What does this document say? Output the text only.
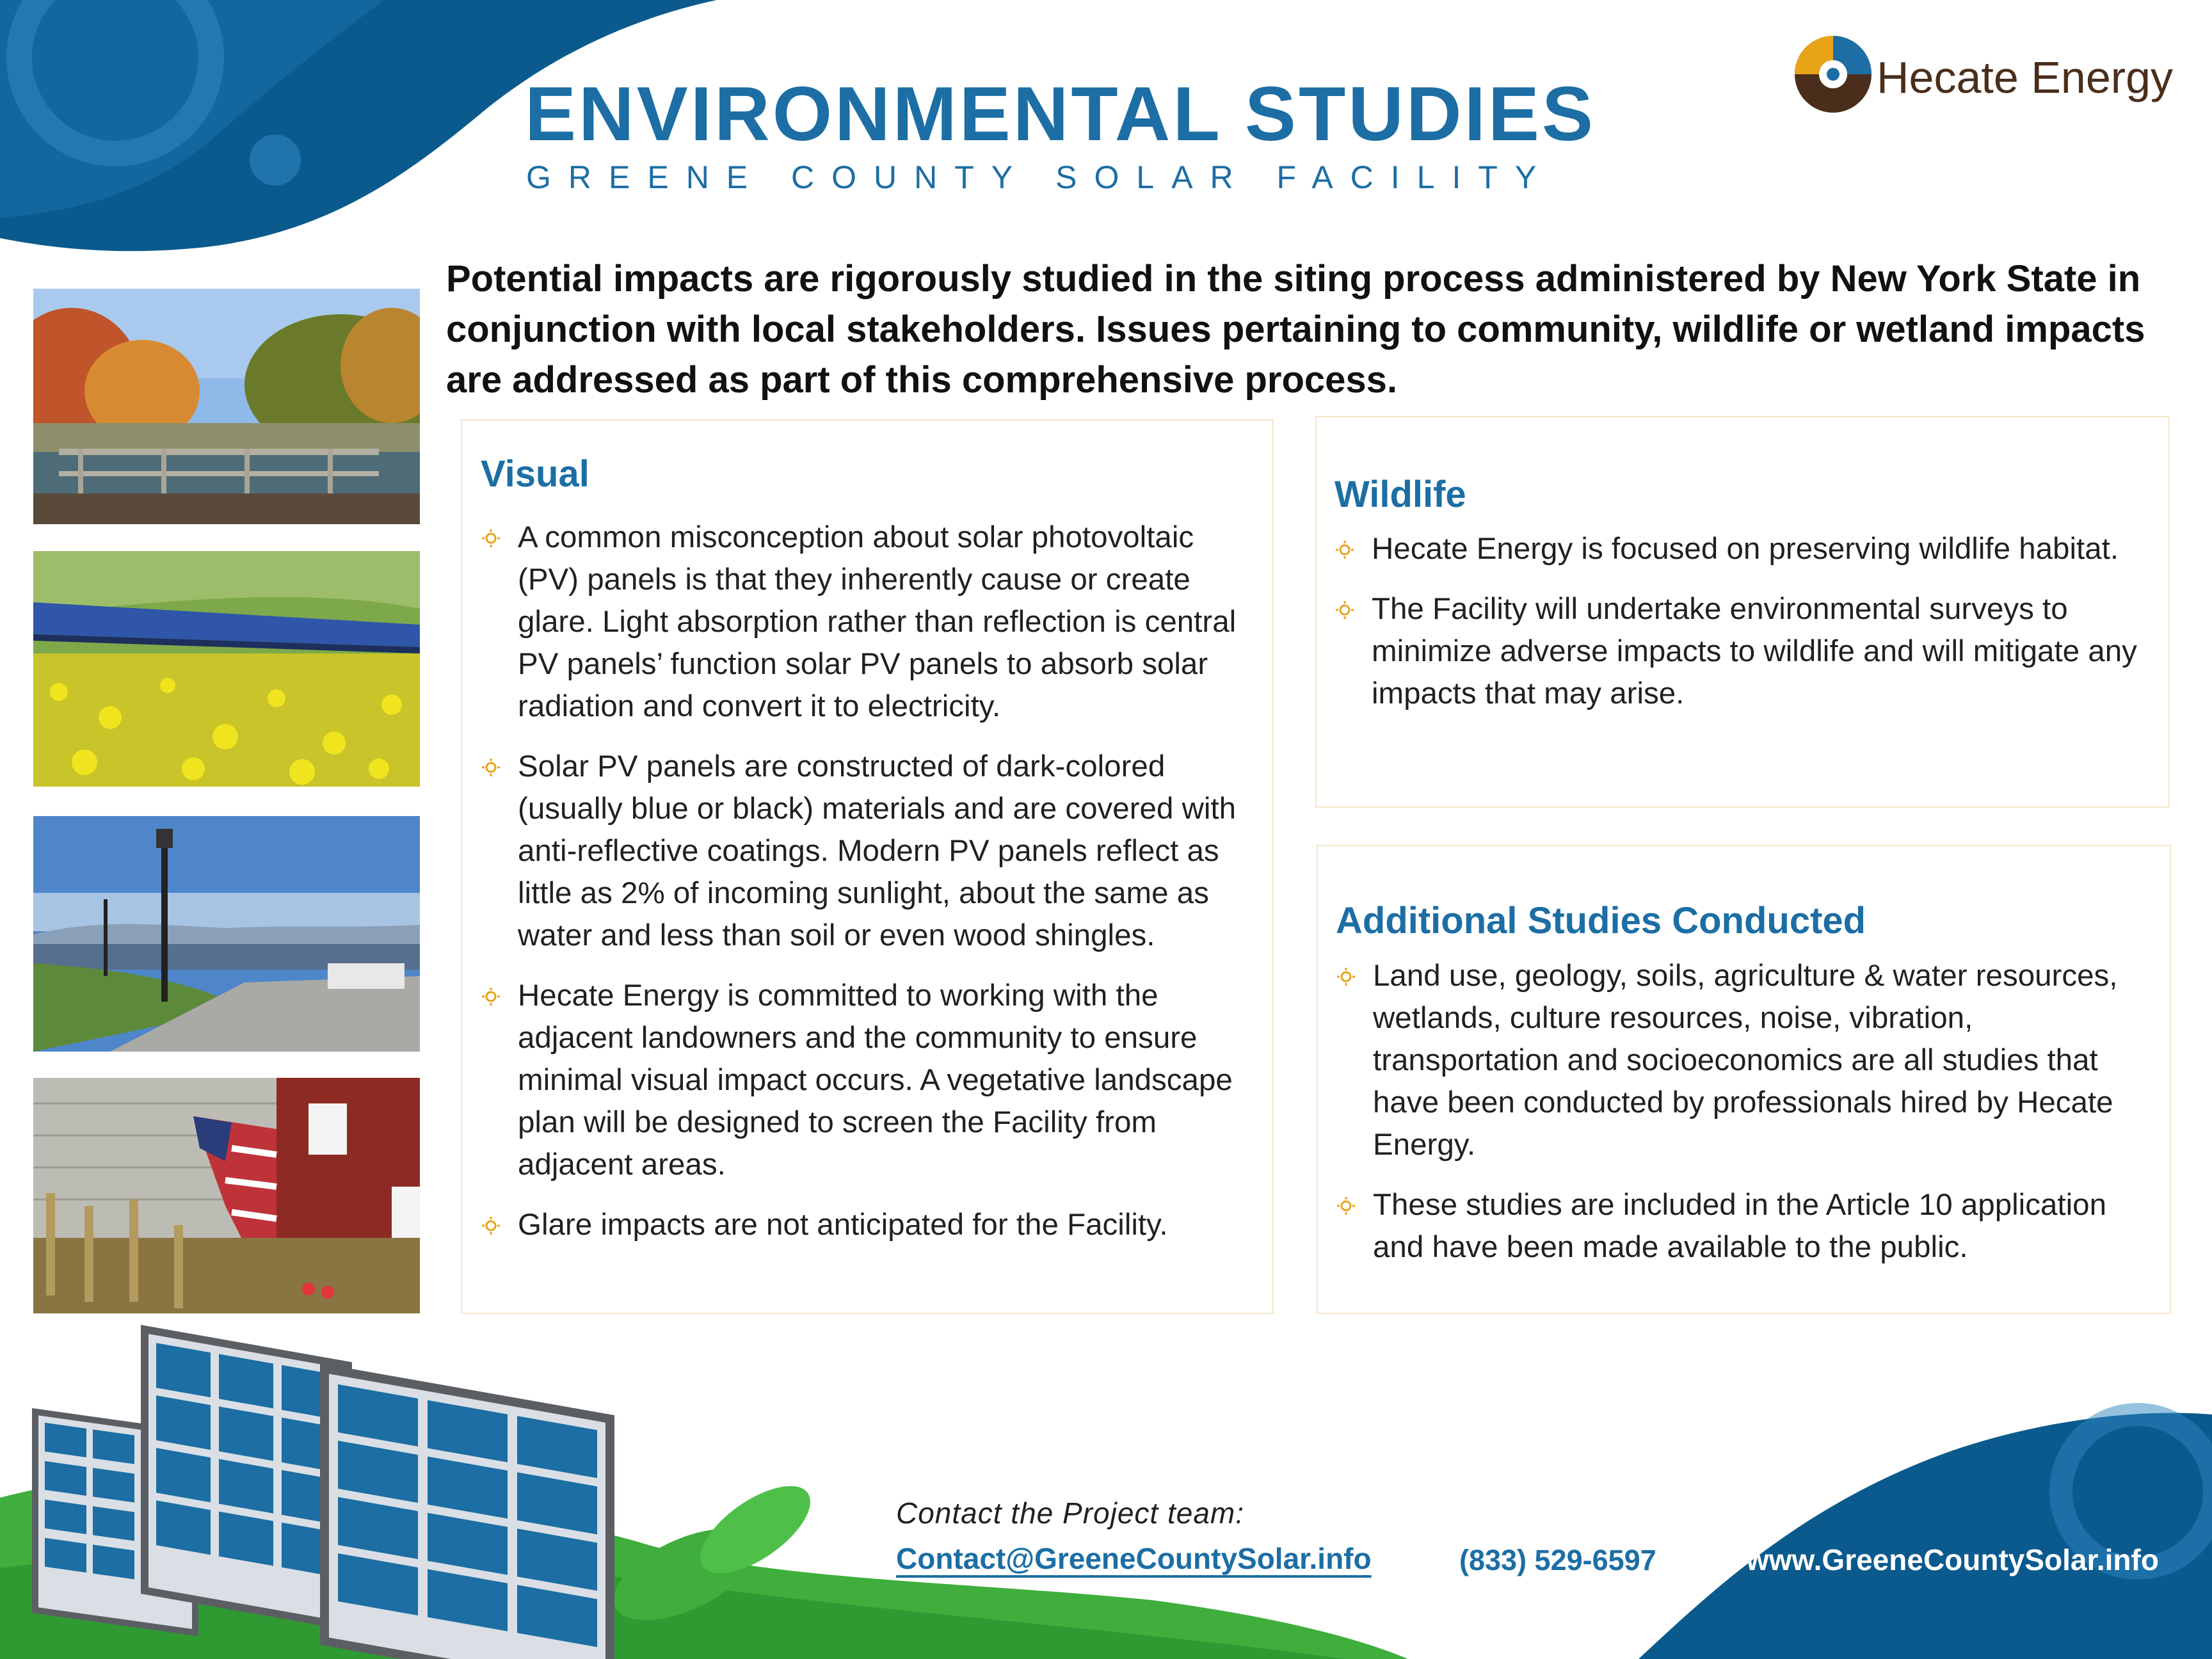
ENVIRONMENTAL STUDIES
GREENE COUNTY SOLAR FACILITY
Hecate Energy
Potential impacts are rigorously studied in the siting process administered by New York State in conjunction with local stakeholders. Issues pertaining to community, wildlife or wetland impacts are addressed as part of this comprehensive process.
Visual
A common misconception about solar photovoltaic (PV) panels is that they inherently cause or create glare. Light absorption rather than reflection is central PV panels’ function solar PV panels to absorb solar radiation and convert it to electricity.
Solar PV panels are constructed of dark-colored (usually blue or black) materials and are covered with anti-reflective coatings. Modern PV panels reflect as little as 2% of incoming sunlight, about the same as water and less than soil or even wood shingles.
Hecate Energy is committed to working with the adjacent landowners and the community to ensure minimal visual impact occurs. A vegetative landscape plan will be designed to screen the Facility from adjacent areas.
Glare impacts are not anticipated for the Facility.
Wildlife
Hecate Energy is focused on preserving wildlife habitat.
The Facility will undertake environmental surveys to minimize adverse impacts to wildlife and will mitigate any impacts that may arise.
Additional Studies Conducted
Land use, geology, soils, agriculture & water resources, wetlands, culture resources, noise, vibration, transportation and socioeconomics are all studies that have been conducted by professionals hired by Hecate Energy.
These studies are included in the Article 10 application and have been made available to the public.
Contact the Project team:
Contact@GreeneCountySolar.info	(833) 529-6597	www.GreeneCountySolar.info
